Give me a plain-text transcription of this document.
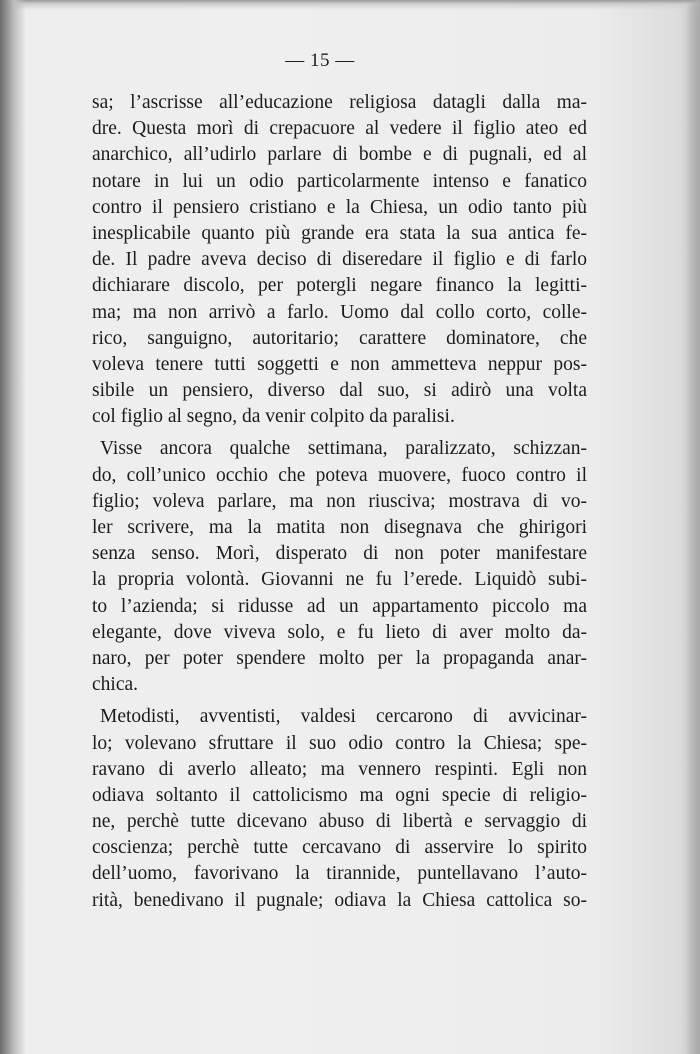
— 15 —
sa; l’ascrisse all’educazione religiosa datagli dalla ma-
dre. Questa morì di crepacuore al vedere il figlio ateo ed
anarchico, all’udirlo parlare di bombe e di pugnali, ed al
notare in lui un odio particolarmente intenso e fanatico
contro il pensiero cristiano e la Chiesa, un odio tanto più
inesplicabile quanto più grande era stata la sua antica fe-
de. Il padre aveva deciso di diseredare il figlio e di farlo
dichiarare discolo, per potergli negare financo la legitti-
ma; ma non arrivò a farlo. Uomo dal collo corto, colle-
rico, sanguigno, autoritario; carattere dominatore, che
voleva tenere tutti soggetti e non ammetteva neppur pos-
sibile un pensiero, diverso dal suo, si adirò una volta
col figlio al segno, da venir colpito da paralisi.
Visse ancora qualche settimana, paralizzato, schizzan-
do, coll’unico occhio che poteva muovere, fuoco contro il
figlio; voleva parlare, ma non riusciva; mostrava di vo-
ler scrivere, ma la matita non disegnava che ghirigori
senza senso. Morì, disperato di non poter manifestare
la propria volontà. Giovanni ne fu l’erede. Liquidò subi-
to l’azienda; si ridusse ad un appartamento piccolo ma
elegante, dove viveva solo, e fu lieto di aver molto da-
naro, per poter spendere molto per la propaganda anar-
chica.
Metodisti, avventisti, valdesi cercarono di avvicinar-
lo; volevano sfruttare il suo odio contro la Chiesa; spe-
ravano di averlo alleato; ma vennero respinti. Egli non
odiava soltanto il cattolicismo ma ogni specie di religio-
ne, perchè tutte dicevano abuso di libertà e servaggio di
coscienza; perchè tutte cercavano di asservire lo spirito
dell’uomo, favorivano la tirannide, puntellavano l’auto-
rità, benedivano il pugnale; odiava la Chiesa cattolica so-
